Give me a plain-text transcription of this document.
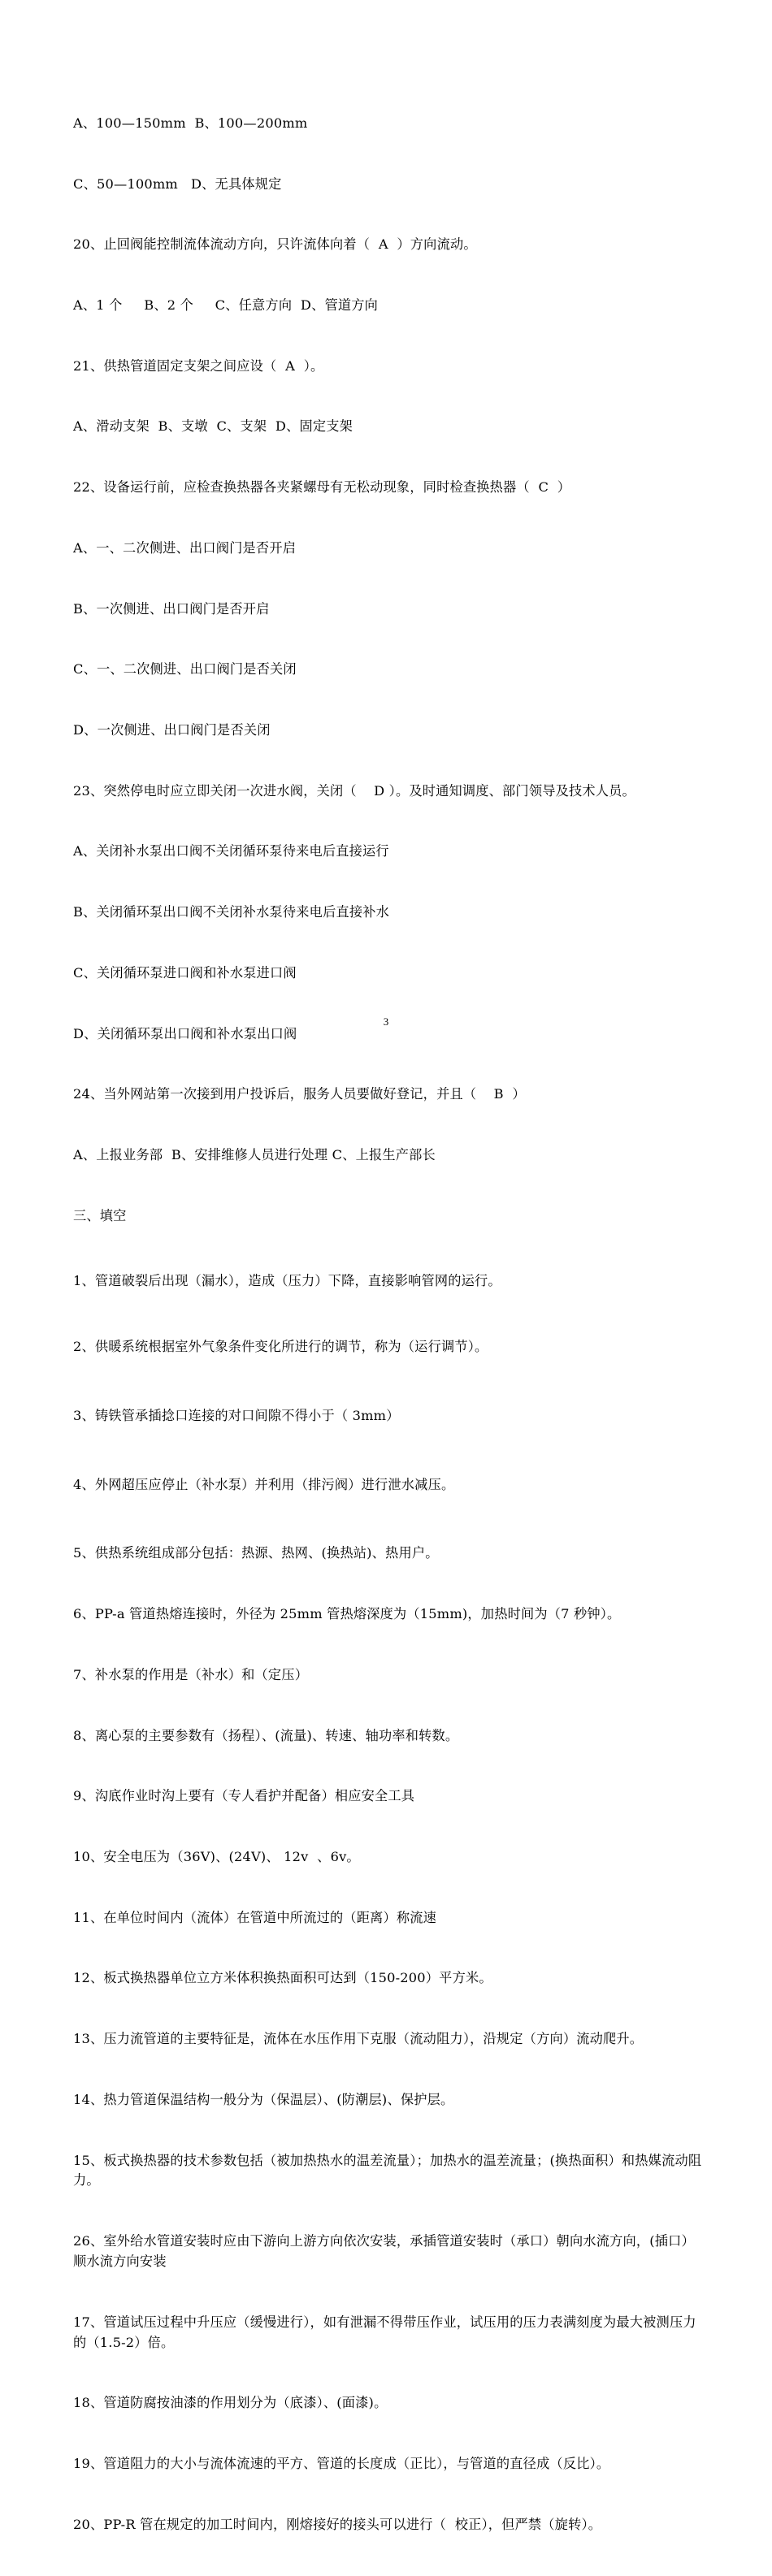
A、100—150mm  B、100—200mm

C、50—100mm   D、无具体规定

20、止回阀能控制流体流动方向，只许流体向着（  A  ）方向流动。

A、1 个     B、2 个     C、任意方向  D、管道方向

21、供热管道固定支架之间应设（  A  ）。

A、滑动支架  B、支墩  C、支架  D、固定支架

22、设备运行前，应检查换热器各夹紧螺母有无松动现象，同时检查换热器（  C  ）

A、一、二次侧进、出口阀门是否开启

B、一次侧进、出口阀门是否开启

C、一、二次侧进、出口阀门是否关闭

D、一次侧进、出口阀门是否关闭

23、突然停电时应立即关闭一次进水阀，关闭（    D ）。及时通知调度、部门领导及技术人员。

A、关闭补水泵出口阀不关闭循环泵待来电后直接运行

B、关闭循环泵出口阀不关闭补水泵待来电后直接补水

C、关闭循环泵进口阀和补水泵进口阀

D、关闭循环泵出口阀和补水泵出口阀

24、当外网站第一次接到用户投诉后，服务人员要做好登记，并且（    B  ）

A、上报业务部  B、安排维修人员进行处理 C、上报生产部长

三、填空

1、管道破裂后出现（漏水），造成（压力）下降，直接影响管网的运行。

2、供暖系统根据室外气象条件变化所进行的调节，称为（运行调节）。

3、铸铁管承插捻口连接的对口间隙不得小于（ 3mm）

4、外网超压应停止（补水泵）并利用（排污阀）进行泄水减压。

5、供热系统组成部分包括：热源、热网、(换热站)、热用户。

6、PP-a 管道热熔连接时，外径为 25mm 管热熔深度为（15mm)，加热时间为（7 秒钟）。

7、补水泵的作用是（补水）和（定压）

8、离心泵的主要参数有（扬程）、(流量)、转速、轴功率和转数。

9、沟底作业时沟上要有（专人看护并配备）相应安全工具

10、安全电压为（36V)、(24V)、 12v  、6v。

11、在单位时间内（流体）在管道中所流过的（距离）称流速

12、板式换热器单位立方米体积换热面积可达到（150-200）平方米。

13、压力流管道的主要特征是，流体在水压作用下克服（流动阻力），沿规定（方向）流动爬升。

14、热力管道保温结构一般分为（保温层）、(防潮层)、保护层。

15、板式换热器的技术参数包括（被加热热水的温差流量）；加热水的温差流量；(换热面积）和热媒流动阻力。

26、室外给水管道安装时应由下游向上游方向依次安装，承插管道安装时（承口）朝向水流方向，(插口）顺水流方向安装

17、管道试压过程中升压应（缓慢进行），如有泄漏不得带压作业，试压用的压力表满刻度为最大被测压力的（1.5-2）倍。

18、管道防腐按油漆的作用划分为（底漆）、(面漆)。

19、管道阻力的大小与流体流速的平方、管道的长度成（正比），与管道的直径成（反比）。

20、PP-R 管在规定的加工时间内，刚熔接好的接头可以进行（  校正），但严禁（旋转）。

3
